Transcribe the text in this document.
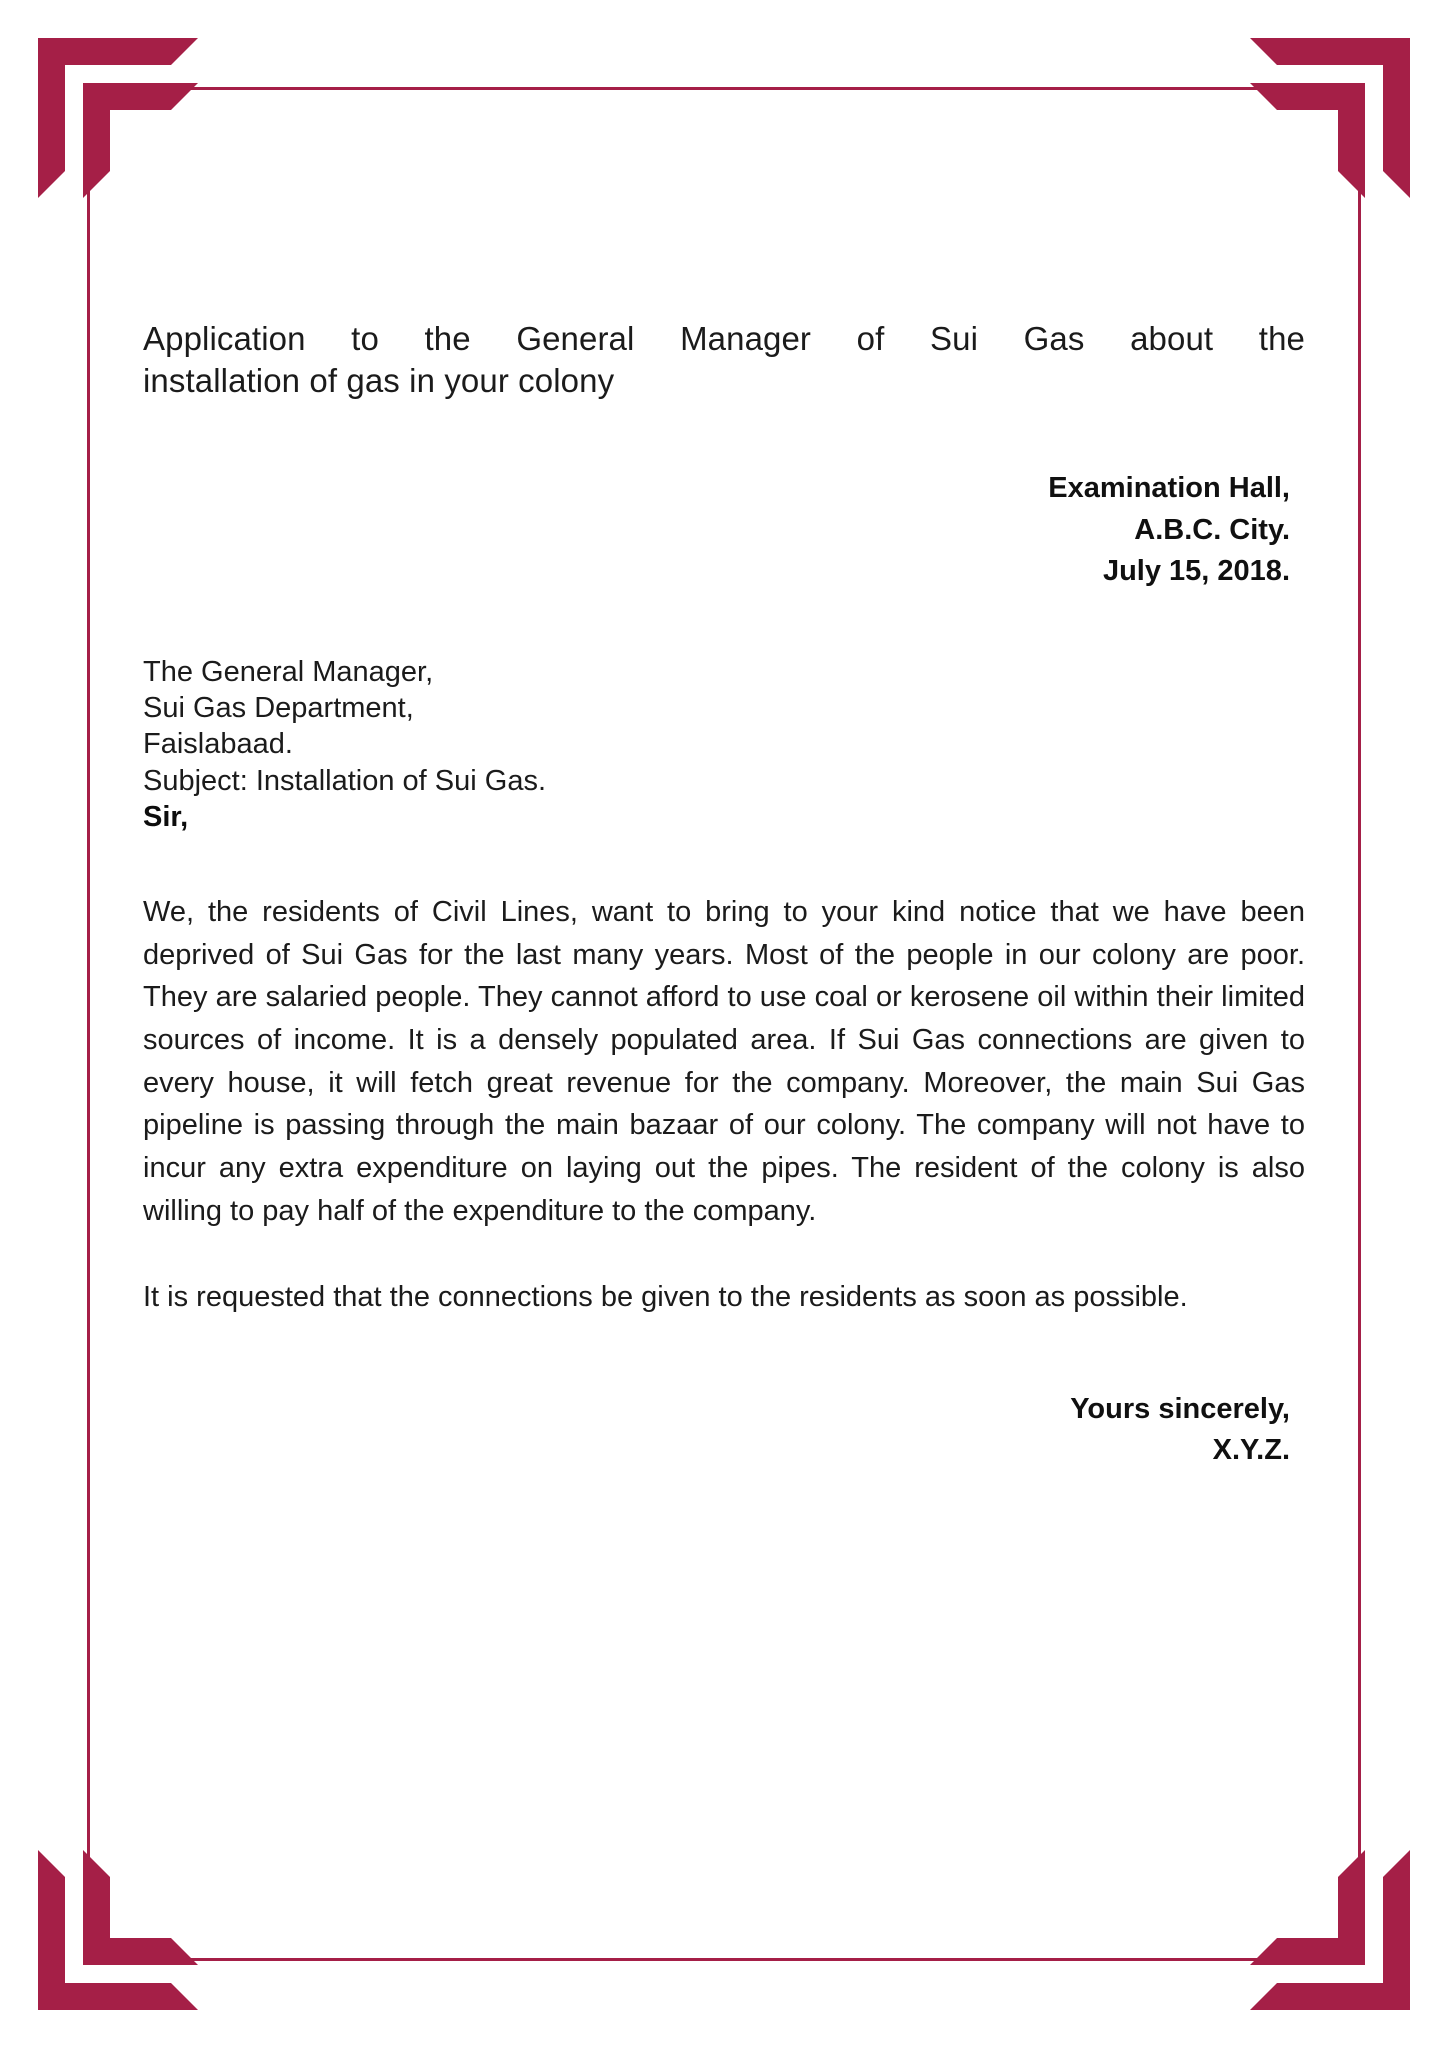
Application to the General Manager of Sui Gas about the
installation of gas in your colony
Examination Hall,
A.B.C. City.
July 15, 2018.
The General Manager,
Sui Gas Department,
Faislabaad.
Subject: Installation of Sui Gas.
Sir,

We, the residents of Civil Lines, want to bring to your kind notice that we have been deprived of Sui Gas for the last many years. Most of the people in our colony are poor. They are salaried people. They cannot afford to use coal or kerosene oil within their limited sources of income. It is a densely populated area. If Sui Gas connections are given to every house, it will fetch great revenue for the company. Moreover, the main Sui Gas pipeline is passing through the main bazaar of our colony. The company will not have to incur any extra expenditure on laying out the pipes. The resident of the colony is also willing to pay half of the expenditure to the company.

It is requested that the connections be given to the residents as soon as possible.

Yours sincerely,
X.Y.Z.
